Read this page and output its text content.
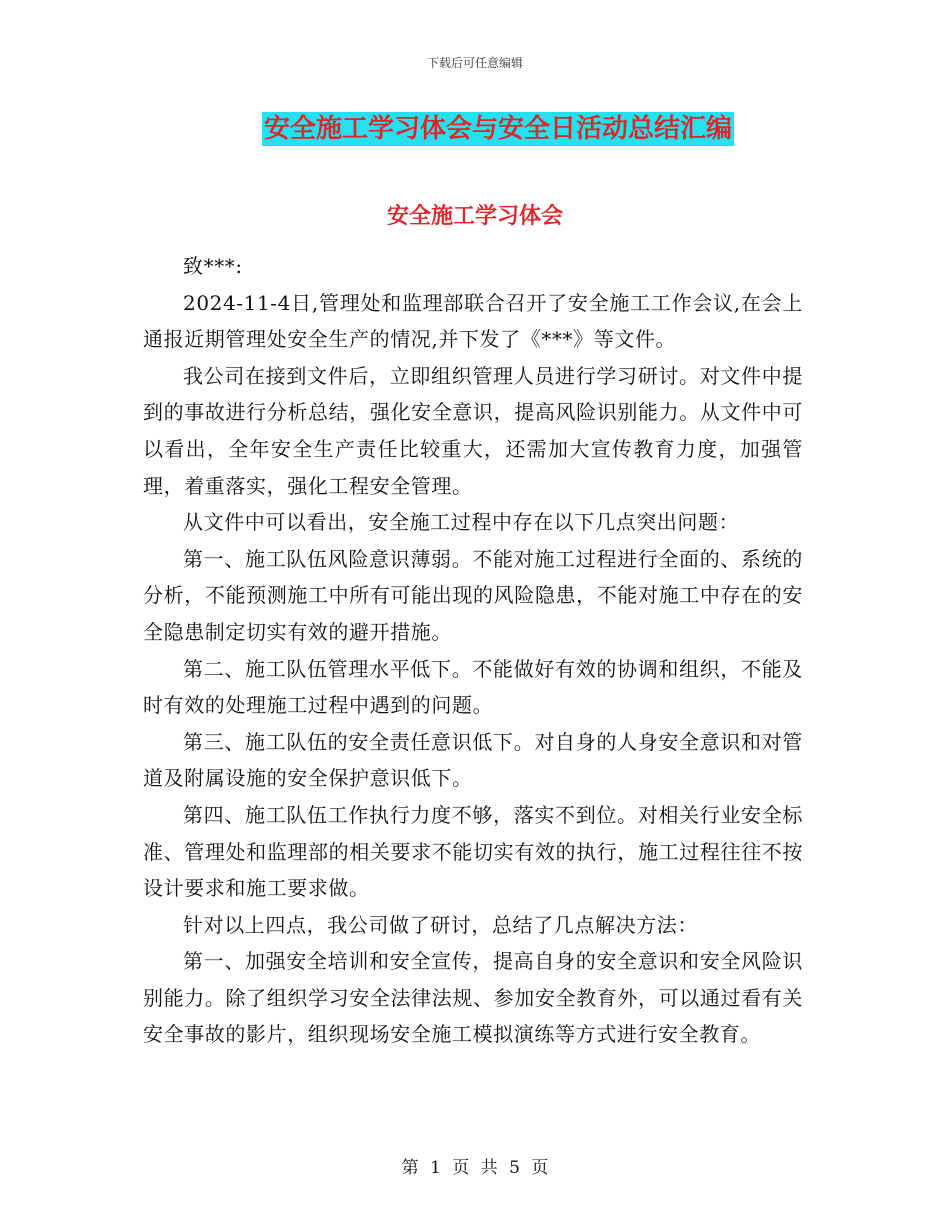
下载后可任意编辑
安全施工学习体会与安全日活动总结汇编
安全施工学习体会

致***:

2024-11-4日,管理处和监理部联合召开了安全施工工作会议,在会上通报近期管理处安全生产的情况,并下发了《***》等文件。

我公司在接到文件后，立即组织管理人员进行学习研讨。对文件中提到的事故进行分析总结，强化安全意识，提高风险识别能力。从文件中可以看出，全年安全生产责任比较重大，还需加大宣传教育力度，加强管理，着重落实，强化工程安全管理。

从文件中可以看出，安全施工过程中存在以下几点突出问题：

第一、施工队伍风险意识薄弱。不能对施工过程进行全面的、系统的分析，不能预测施工中所有可能出现的风险隐患，不能对施工中存在的安全隐患制定切实有效的避开措施。

第二、施工队伍管理水平低下。不能做好有效的协调和组织，不能及时有效的处理施工过程中遇到的问题。

第三、施工队伍的安全责任意识低下。对自身的人身安全意识和对管道及附属设施的安全保护意识低下。

第四、施工队伍工作执行力度不够，落实不到位。对相关行业安全标准、管理处和监理部的相关要求不能切实有效的执行，施工过程往往不按设计要求和施工要求做。

针对以上四点，我公司做了研讨，总结了几点解决方法：

第一、加强安全培训和安全宣传，提高自身的安全意识和安全风险识别能力。除了组织学习安全法律法规、参加安全教育外，可以通过看有关安全事故的影片，组织现场安全施工模拟演练等方式进行安全教育。

第 1 页 共 5 页
